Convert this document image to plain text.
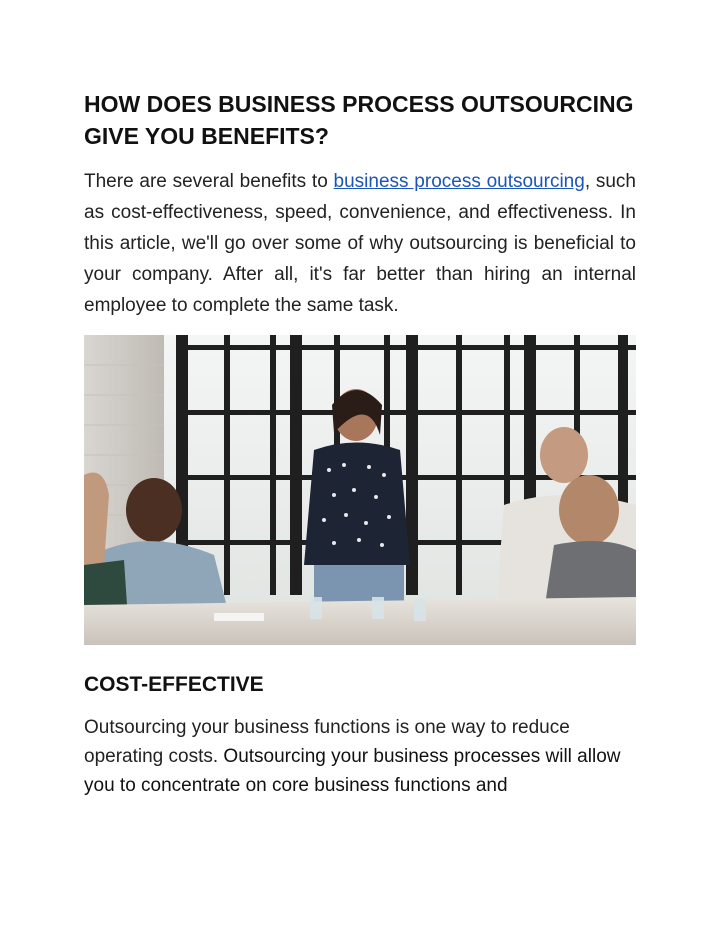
HOW DOES BUSINESS PROCESS OUTSOURCING GIVE YOU BENEFITS?

There are several benefits to business process outsourcing, such as cost-effectiveness, speed, convenience, and effectiveness. In this article, we'll go over some of why outsourcing is beneficial to your company. After all, it's far better than hiring an internal employee to complete the same task.

COST-EFFECTIVE

Outsourcing your business functions is one way to reduce operating costs. Outsourcing your business processes will allow you to concentrate on core business functions and
